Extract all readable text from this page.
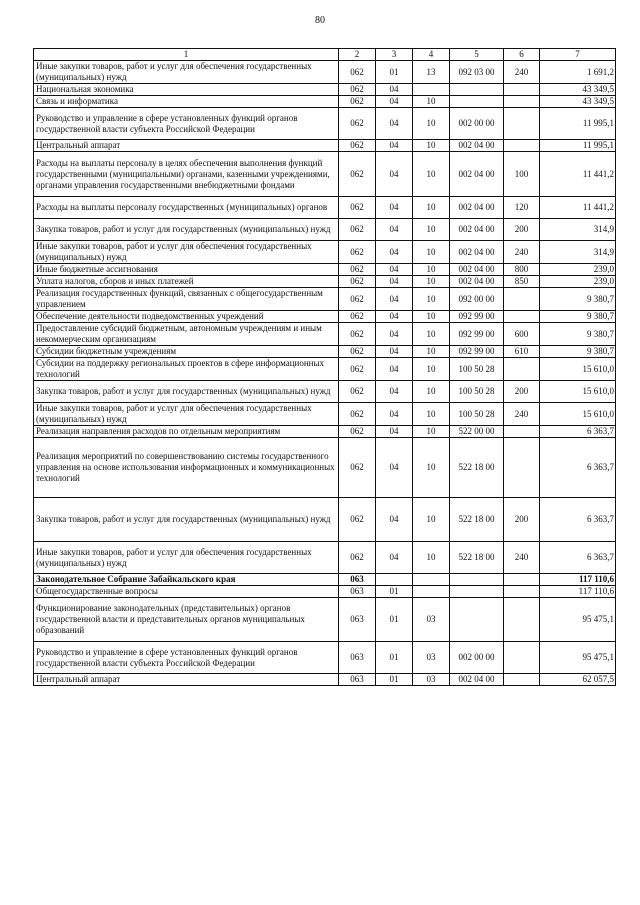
80
1	2	3	4	5	6	7
Иные закупки товаров, работ и услуг для обеспечения государственных (муниципальных) нужд	062	01	13	092 03 00	240	1 691,2
Национальная экономика	062	04				43 349,5
Связь и информатика	062	04	10			43 349,5
Руководство и управление в сфере установленных функций органов государственной власти субъекта Российской Федерации	062	04	10	002 00 00		11 995,1
Центральный аппарат	062	04	10	002 04 00		11 995,1
Расходы на выплаты персоналу в целях обеспечения выполнения функций государственными (муниципальными) органами, казенными учреждениями, органами управления государственными внебюджетными фондами	062	04	10	002 04 00	100	11 441,2
Расходы на выплаты персоналу государственных (муниципальных) органов	062	04	10	002 04 00	120	11 441,2
Закупка товаров, работ и услуг для государственных (муниципальных) нужд	062	04	10	002 04 00	200	314,9
Иные закупки товаров, работ и услуг для обеспечения государственных (муниципальных) нужд	062	04	10	002 04 00	240	314,9
Иные бюджетные ассигнования	062	04	10	002 04 00	800	239,0
Уплата налогов, сборов и иных платежей	062	04	10	002 04 00	850	239,0
Реализация государственных функций, связанных с общегосударственным управлением	062	04	10	092 00 00		9 380,7
Обеспечение деятельности подведомственных учреждений	062	04	10	092 99 00		9 380,7
Предоставление субсидий бюджетным, автономным учреждениям и иным некоммерческим организациям	062	04	10	092 99 00	600	9 380,7
Субсидии бюджетным учреждениям	062	04	10	092 99 00	610	9 380,7
Субсидии на поддержку региональных проектов в сфере информационных технологий	062	04	10	100 50 28		15 610,0
Закупка товаров, работ и услуг для государственных (муниципальных) нужд	062	04	10	100 50 28	200	15 610,0
Иные закупки товаров, работ и услуг для обеспечения государственных (муниципальных) нужд	062	04	10	100 50 28	240	15 610,0
Реализация направления расходов по отдельным мероприятиям	062	04	10	522 00 00		6 363,7
Реализация мероприятий по совершенствованию системы государственного управления на основе использования информационных и коммуникационных технологий	062	04	10	522 18 00		6 363,7
Закупка товаров, работ и услуг для государственных (муниципальных) нужд	062	04	10	522 18 00	200	6 363,7
Иные закупки товаров, работ и услуг для обеспечения государственных (муниципальных) нужд	062	04	10	522 18 00	240	6 363,7
Законодательное Собрание Забайкальского края	063					117 110,6
Общегосударственные вопросы	063	01				117 110,6
Функционирование законодательных (представительных) органов государственной власти и представительных органов муниципальных образований	063	01	03			95 475,1
Руководство и управление в сфере установленных функций органов государственной власти субъекта Российской Федерации	063	01	03	002 00 00		95 475,1
Центральный аппарат	063	01	03	002 04 00		62 057,5
